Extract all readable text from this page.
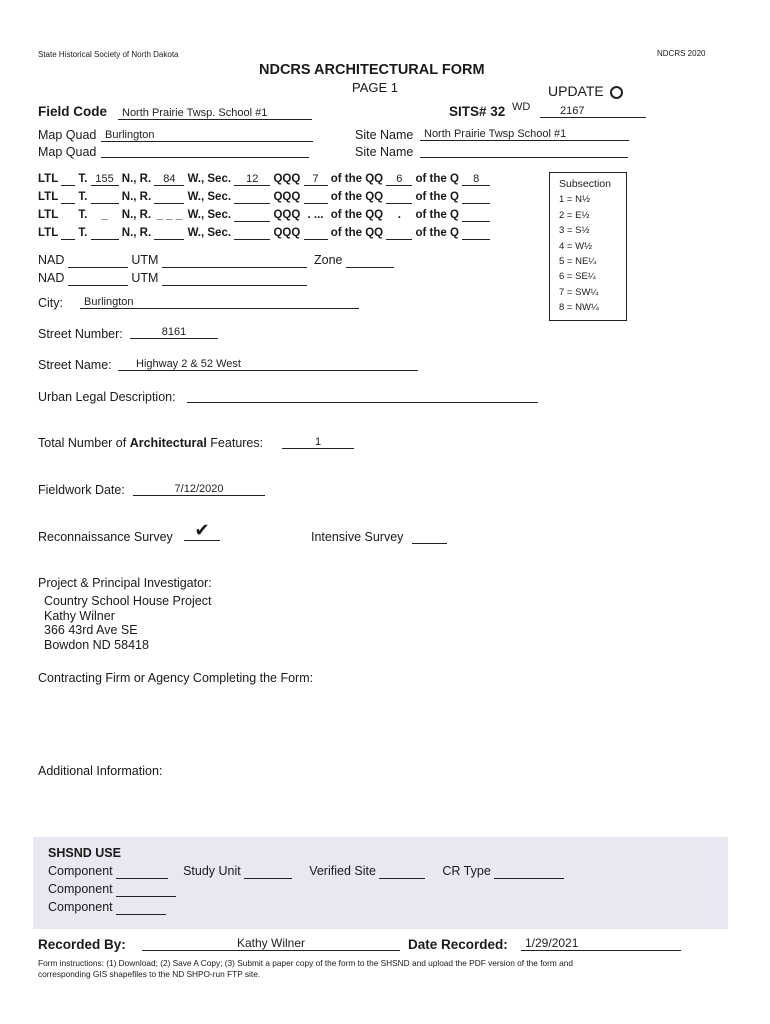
State Historical Society of North Dakota	NDCRS 2020
NDCRS ARCHITECTURAL FORM
PAGE 1	UPDATE
Field Code	North Prairie Twsp. School #1	SITS# 32 WD	2167
Map Quad Burlington
Map Quad
Site Name North Prairie Twsp School #1
Site Name
LTL T. 155 N., R. 84 W., Sec. 12 QQQ 7 of the QQ 6 of the Q 8
LTL T.	N., R.	W., Sec.	QQQ	of the QQ	of the Q
LTL T. _ N., R. _ _ _ W., Sec.	QQQ . ... of the QQ . of the Q
LTL T.	N., R.	W., Sec.	QQQ	of the QQ	of the Q
Subsection
1 = N½
2 = E½
3 = S½
4 = W½
5 = NE¼
6 = SE¼
7 = SW¼
8 = NW¼
NAD	UTM	Zone
NAD	UTM
City:	Burlington
Street Number:	8161
Street Name:	Highway 2 & 52 West
Urban Legal Description:
Total Number of Architectural Features:	1
Fieldwork Date:	7/12/2020
Reconnaissance Survey	✔	Intensive Survey
Project & Principal Investigator:
Country School House Project
Kathy Wilner
366 43rd Ave SE
Bowdon ND 58418
Contracting Firm or Agency Completing the Form:
Additional Information:
SHSND USE
Component	Study Unit	Verified Site	CR Type
Component
Component
Recorded By:	Kathy Wilner	Date Recorded:	1/29/2021
Form instructions: (1) Download; (2) Save A Copy; (3) Submit a paper copy of the form to the SHSND and upload the PDF version of the form and
corresponding GIS shapefiles to the ND SHPO-run FTP site.
